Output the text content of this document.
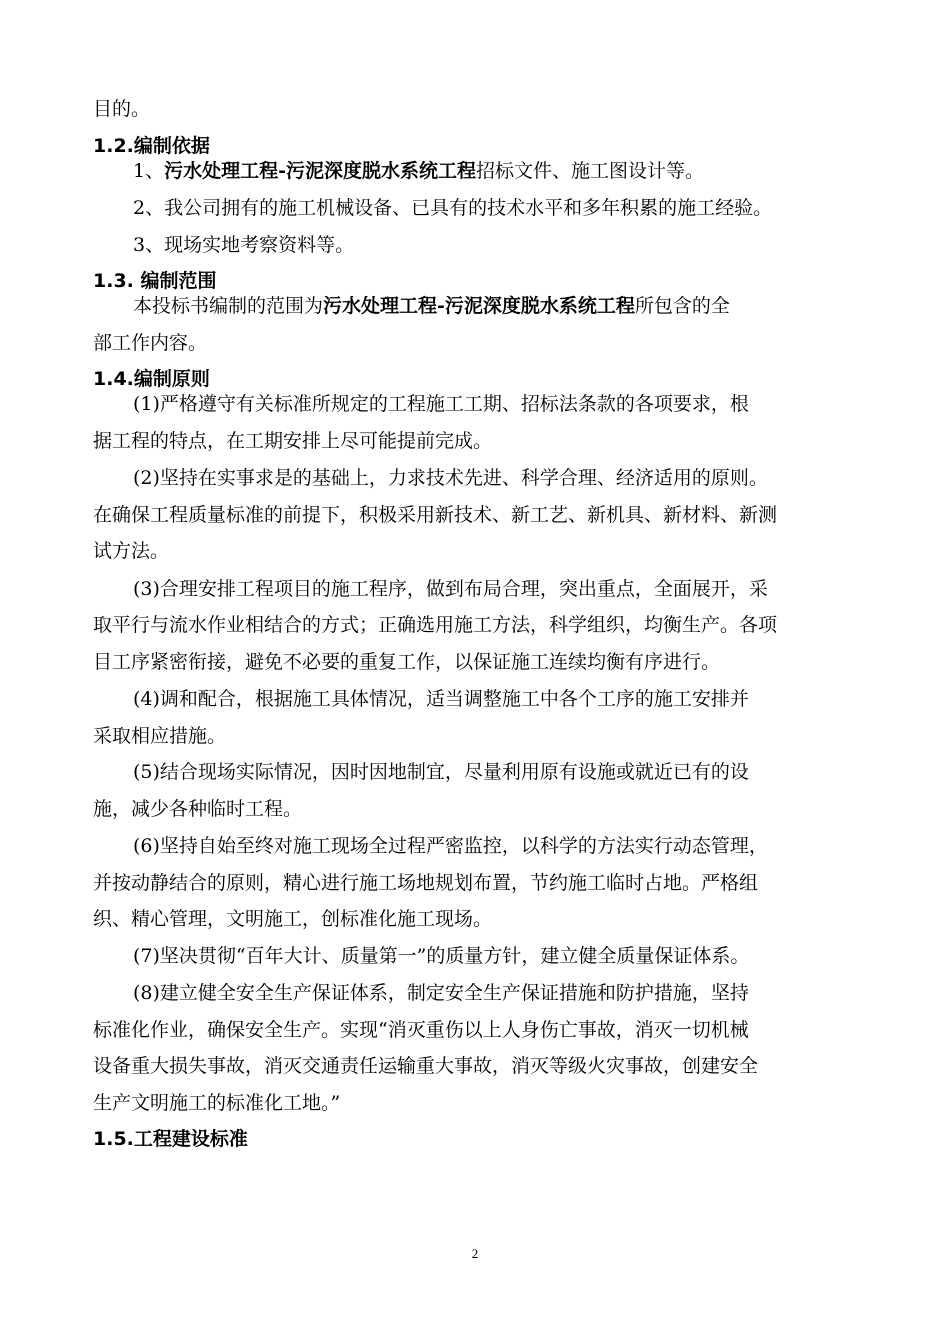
目的。
1.2.编制依据
1、污水处理工程-污泥深度脱水系统工程招标文件、施工图设计等。
2、我公司拥有的施工机械设备、已具有的技术水平和多年积累的施工经验。
3、现场实地考察资料等。
1.3. 编制范围
本投标书编制的范围为污水处理工程-污泥深度脱水系统工程所包含的全
部工作内容。
1.4.编制原则
(1)严格遵守有关标准所规定的工程施工工期、招标法条款的各项要求，根
据工程的特点，在工期安排上尽可能提前完成。
(2)坚持在实事求是的基础上，力求技术先进、科学合理、经济适用的原则。
在确保工程质量标准的前提下，积极采用新技术、新工艺、新机具、新材料、新测
试方法。
(3)合理安排工程项目的施工程序，做到布局合理，突出重点，全面展开，采
取平行与流水作业相结合的方式；正确选用施工方法，科学组织，均衡生产。各项
目工序紧密衔接，避免不必要的重复工作，以保证施工连续均衡有序进行。
(4)调和配合，根据施工具体情况，适当调整施工中各个工序的施工安排并
采取相应措施。
(5)结合现场实际情况，因时因地制宜，尽量利用原有设施或就近已有的设
施，减少各种临时工程。
(6)坚持自始至终对施工现场全过程严密监控，以科学的方法实行动态管理，
并按动静结合的原则，精心进行施工场地规划布置，节约施工临时占地。严格组
织、精心管理，文明施工，创标准化施工现场。
(7)坚决贯彻“百年大计、质量第一”的质量方针，建立健全质量保证体系。
(8)建立健全安全生产保证体系，制定安全生产保证措施和防护措施，坚持
标准化作业，确保安全生产。实现“消灭重伤以上人身伤亡事故，消灭一切机械
设备重大损失事故，消灭交通责任运输重大事故，消灭等级火灾事故，创建安全
生产文明施工的标准化工地。”
1.5.工程建设标准
2
